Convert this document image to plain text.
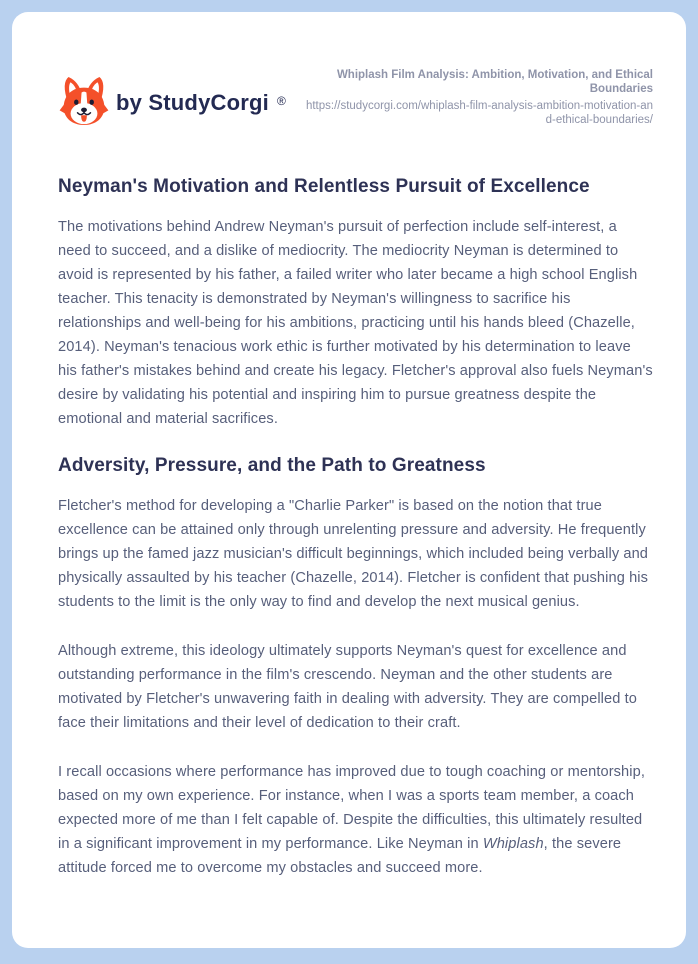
by StudyCorgi ®
Whiplash Film Analysis: Ambition, Motivation, and Ethical Boundaries
https://studycorgi.com/whiplash-film-analysis-ambition-motivation-and-ethical-boundaries/
Neyman's Motivation and Relentless Pursuit of Excellence

The motivations behind Andrew Neyman's pursuit of perfection include self-interest, a need to succeed, and a dislike of mediocrity. The mediocrity Neyman is determined to avoid is represented by his father, a failed writer who later became a high school English teacher. This tenacity is demonstrated by Neyman's willingness to sacrifice his relationships and well-being for his ambitions, practicing until his hands bleed (Chazelle, 2014). Neyman's tenacious work ethic is further motivated by his determination to leave his father's mistakes behind and create his legacy. Fletcher's approval also fuels Neyman's desire by validating his potential and inspiring him to pursue greatness despite the emotional and material sacrifices.

Adversity, Pressure, and the Path to Greatness

Fletcher's method for developing a "Charlie Parker" is based on the notion that true excellence can be attained only through unrelenting pressure and adversity. He frequently brings up the famed jazz musician's difficult beginnings, which included being verbally and physically assaulted by his teacher (Chazelle, 2014). Fletcher is confident that pushing his students to the limit is the only way to find and develop the next musical genius.

Although extreme, this ideology ultimately supports Neyman's quest for excellence and outstanding performance in the film's crescendo. Neyman and the other students are motivated by Fletcher's unwavering faith in dealing with adversity. They are compelled to face their limitations and their level of dedication to their craft.

I recall occasions where performance has improved due to tough coaching or mentorship, based on my own experience. For instance, when I was a sports team member, a coach expected more of me than I felt capable of. Despite the difficulties, this ultimately resulted in a significant improvement in my performance. Like Neyman in Whiplash, the severe attitude forced me to overcome my obstacles and succeed more.
